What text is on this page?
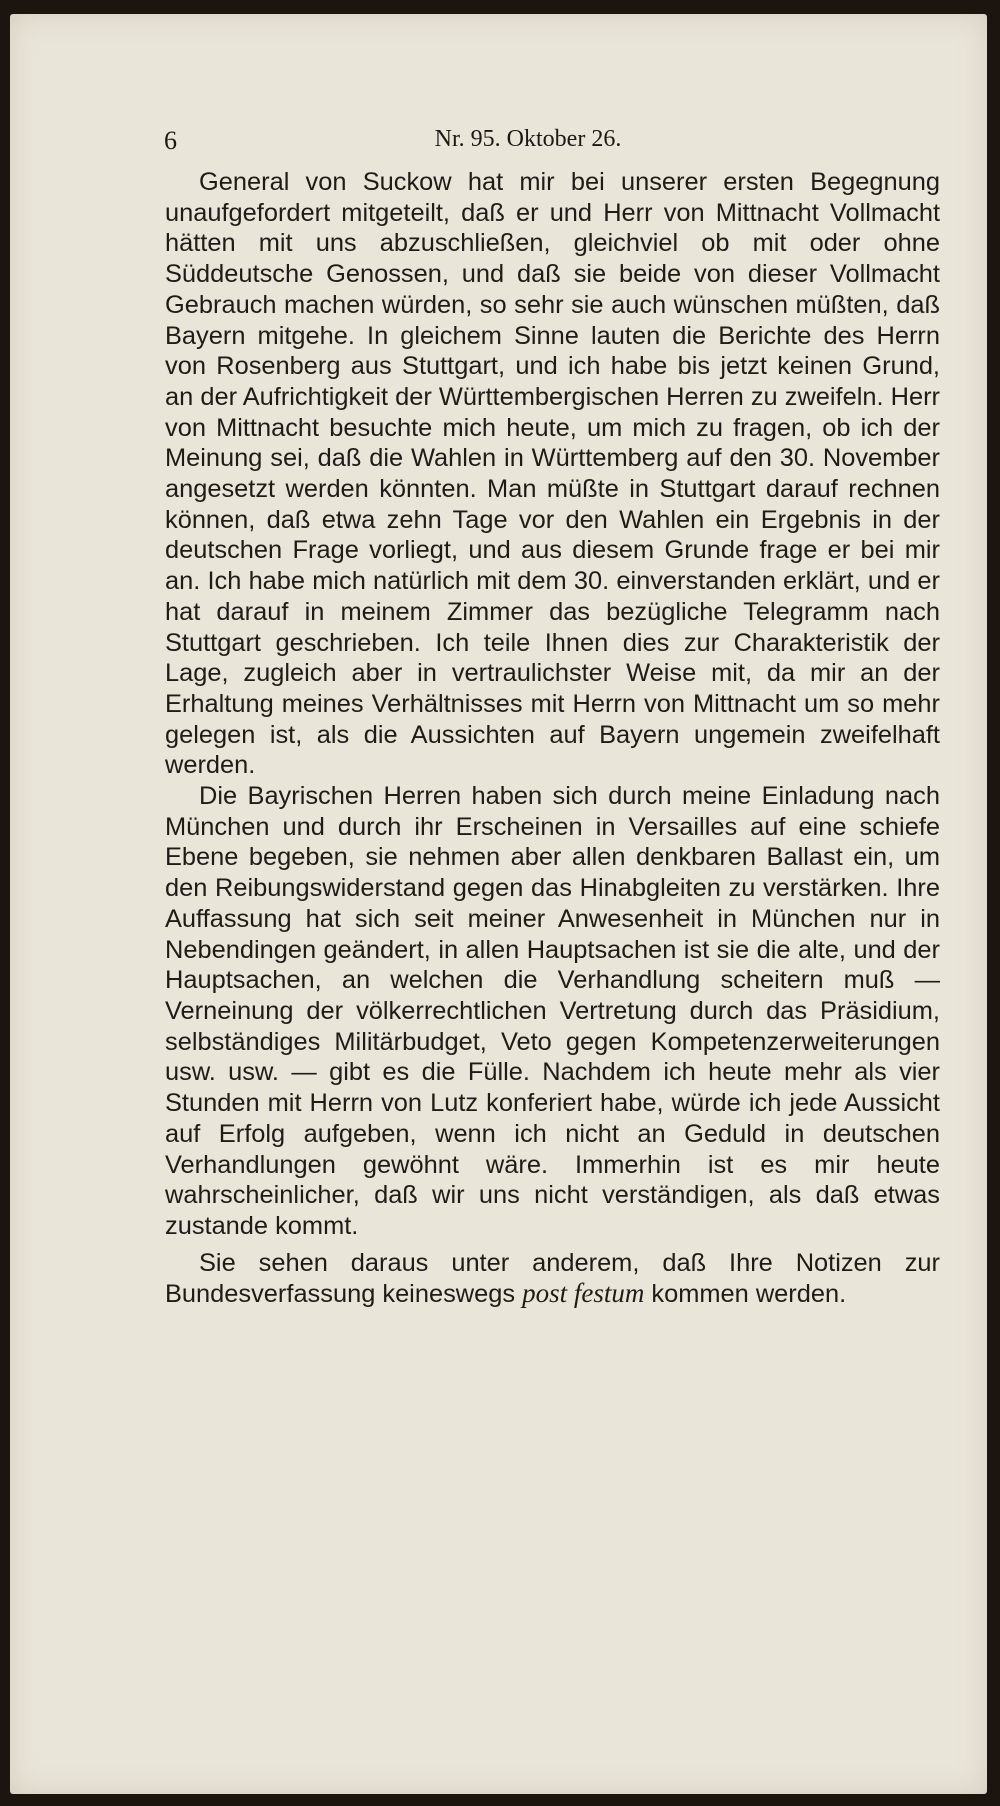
6	Nr. 95. Oktober 26.

General von Suckow hat mir bei unserer ersten Begegnung unaufgefordert mitgeteilt, daß er und Herr von Mittnacht Vollmacht hätten mit uns abzuschließen, gleichviel ob mit oder ohne Süddeutsche Genossen, und daß sie beide von dieser Vollmacht Gebrauch machen würden, so sehr sie auch wünschen müßten, daß Bayern mitgehe. In gleichem Sinne lauten die Berichte des Herrn von Rosenberg aus Stuttgart, und ich habe bis jetzt keinen Grund, an der Aufrichtigkeit der Württembergischen Herren zu zweifeln. Herr von Mittnacht besuchte mich heute, um mich zu fragen, ob ich der Meinung sei, daß die Wahlen in Württemberg auf den 30. November angesetzt werden könnten. Man müßte in Stuttgart darauf rechnen können, daß etwa zehn Tage vor den Wahlen ein Ergebnis in der deutschen Frage vorliegt, und aus diesem Grunde frage er bei mir an. Ich habe mich natürlich mit dem 30. einverstanden erklärt, und er hat darauf in meinem Zimmer das bezügliche Telegramm nach Stuttgart geschrieben. Ich teile Ihnen dies zur Charakteristik der Lage, zugleich aber in vertraulichster Weise mit, da mir an der Erhaltung meines Verhältnisses mit Herrn von Mittnacht um so mehr gelegen ist, als die Aussichten auf Bayern ungemein zweifelhaft werden.

Die Bayrischen Herren haben sich durch meine Einladung nach München und durch ihr Erscheinen in Versailles auf eine schiefe Ebene begeben, sie nehmen aber allen denkbaren Ballast ein, um den Reibungswiderstand gegen das Hinabgleiten zu verstärken. Ihre Auffassung hat sich seit meiner Anwesenheit in München nur in Nebendingen geändert, in allen Hauptsachen ist sie die alte, und der Hauptsachen, an welchen die Verhandlung scheitern muß — Verneinung der völkerrechtlichen Vertretung durch das Präsidium, selbständiges Militärbudget, Veto gegen Kompetenzerweiterungen usw. usw. — gibt es die Fülle. Nachdem ich heute mehr als vier Stunden mit Herrn von Lutz konferiert habe, würde ich jede Aussicht auf Erfolg aufgeben, wenn ich nicht an Geduld in deutschen Verhandlungen gewöhnt wäre. Immerhin ist es mir heute wahrscheinlicher, daß wir uns nicht verständigen, als daß etwas zustande kommt.

Sie sehen daraus unter anderem, daß Ihre Notizen zur Bundesverfassung keineswegs post festum kommen werden.
